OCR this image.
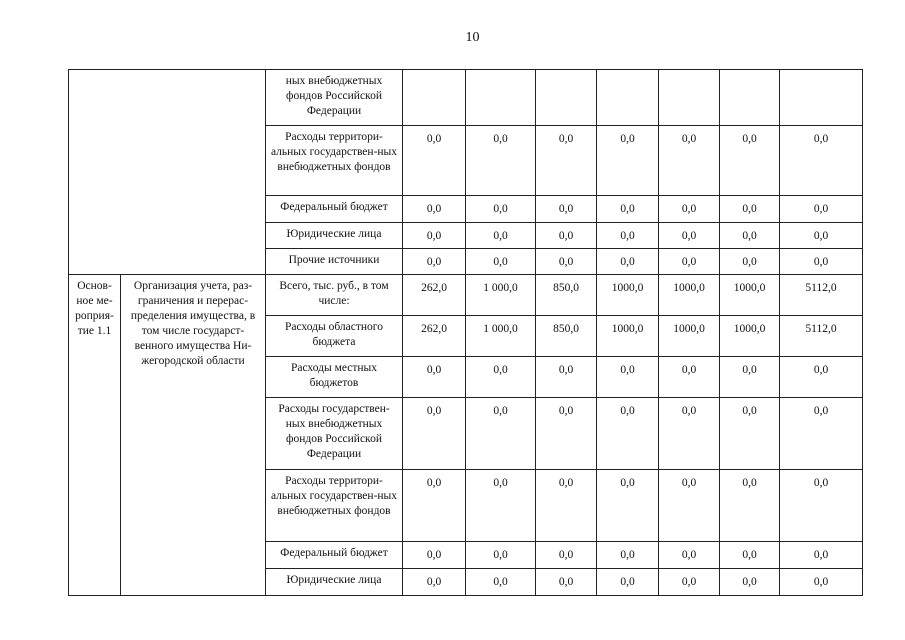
10
		ных внебюджетных фондов Российской Федерации							
		Расходы территори-альных государствен-ных внебюджетных фондов	0,0	0,0	0,0	0,0	0,0	0,0	0,0
		Федеральный бюджет	0,0	0,0	0,0	0,0	0,0	0,0	0,0
		Юридические лица	0,0	0,0	0,0	0,0	0,0	0,0	0,0
		Прочие источники	0,0	0,0	0,0	0,0	0,0	0,0	0,0
Основ-ное ме-роприя-тие 1.1	Организация учета, раз-граничения и перерас-пределения имущества, в том числе государст-венного имущества Ни-жегородской области	Всего, тыс. руб., в том числе:	262,0	1 000,0	850,0	1000,0	1000,0	1000,0	5112,0
		Расходы областного бюджета	262,0	1 000,0	850,0	1000,0	1000,0	1000,0	5112,0
		Расходы местных бюджетов	0,0	0,0	0,0	0,0	0,0	0,0	0,0
		Расходы государствен-ных внебюджетных фондов Российской Федерации	0,0	0,0	0,0	0,0	0,0	0,0	0,0
		Расходы территори-альных государствен-ных внебюджетных фондов	0,0	0,0	0,0	0,0	0,0	0,0	0,0
		Федеральный бюджет	0,0	0,0	0,0	0,0	0,0	0,0	0,0
		Юридические лица	0,0	0,0	0,0	0,0	0,0	0,0	0,0
